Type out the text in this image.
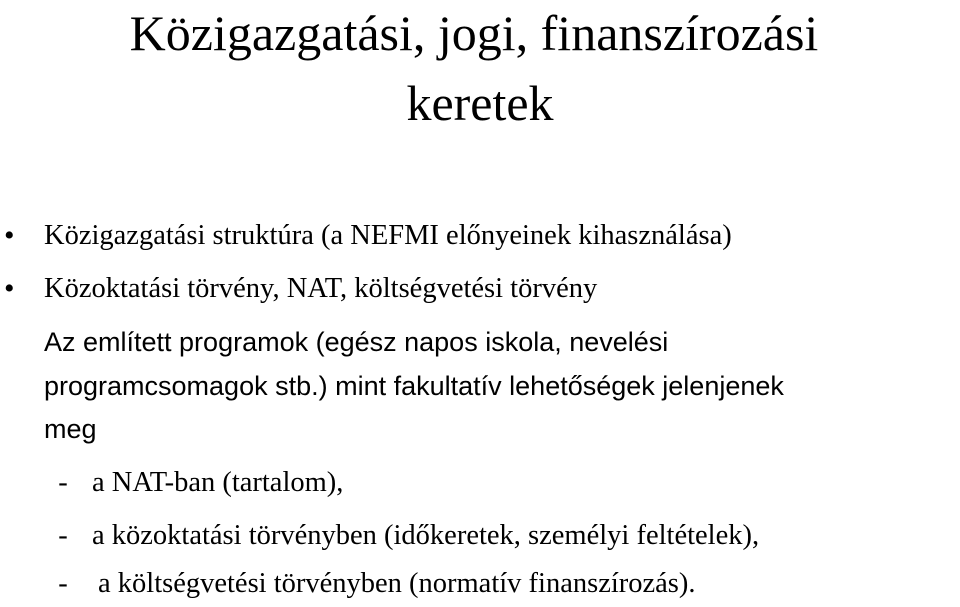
Közigazgatási, jogi, finanszírozási
keretek
• Közigazgatási struktúra (a NEFMI előnyeinek kihasználása)
• Közoktatási törvény, NAT, költségvetési törvény
Az említett programok (egész napos iskola, nevelési
programcsomagok stb.) mint fakultatív lehetőségek jelenjenek
meg
- a NAT-ban (tartalom),
- a közoktatási törvényben (időkeretek, személyi feltételek),
- a költségvetési törvényben (normatív finanszírozás).
